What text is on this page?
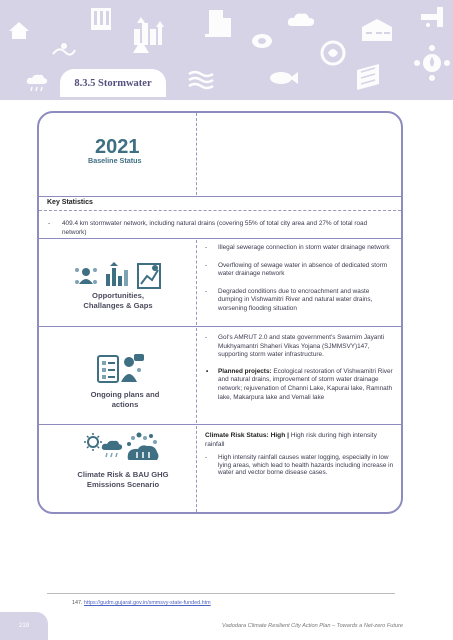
8.3.5 Stormwater
2021
Baseline Status
Key Statistics
-	409.4 km stormwater network, including natural drains (covering 55% of total city area and 27% of total road network)
Opportunities, Challanges & Gaps
- Illegal sewerage connection in storm water drainage network
- Overflowing of sewage water in absence of dedicated storm water drainage network
- Degraded conditions due to encroachment and waste dumping in Vishwamitri River and natural water drains, worsening flooding situation
Ongoing plans and actions
- GoI's AMRUT 2.0 and state government's Swarnim Jayanti Mukhyamantri Shaheri Vikas Yojana (SJMMSVY)147, supporting storm water infrastructure.
• Planned projects: Ecological restoration of Vishwamitri River and natural drains, improvement of storm water drainage network; rejuvenation of Channi Lake, Kapurai lake, Ramnath lake, Makarpura lake and Vemali lake
Climate Risk & BAU GHG Emissions Scenario
Climate Risk Status: High | High risk during high intensity rainfall
- High intensity rainfall causes water logging, especially in low lying areas, which lead to health hazards including increase in water and vector borne disease cases.
147. https://gudm.gujarat.gov.in/smmsvy-state-funded.htm
219	Vadodara Climate Resilient City Action Plan – Towards a Net-zero Future
